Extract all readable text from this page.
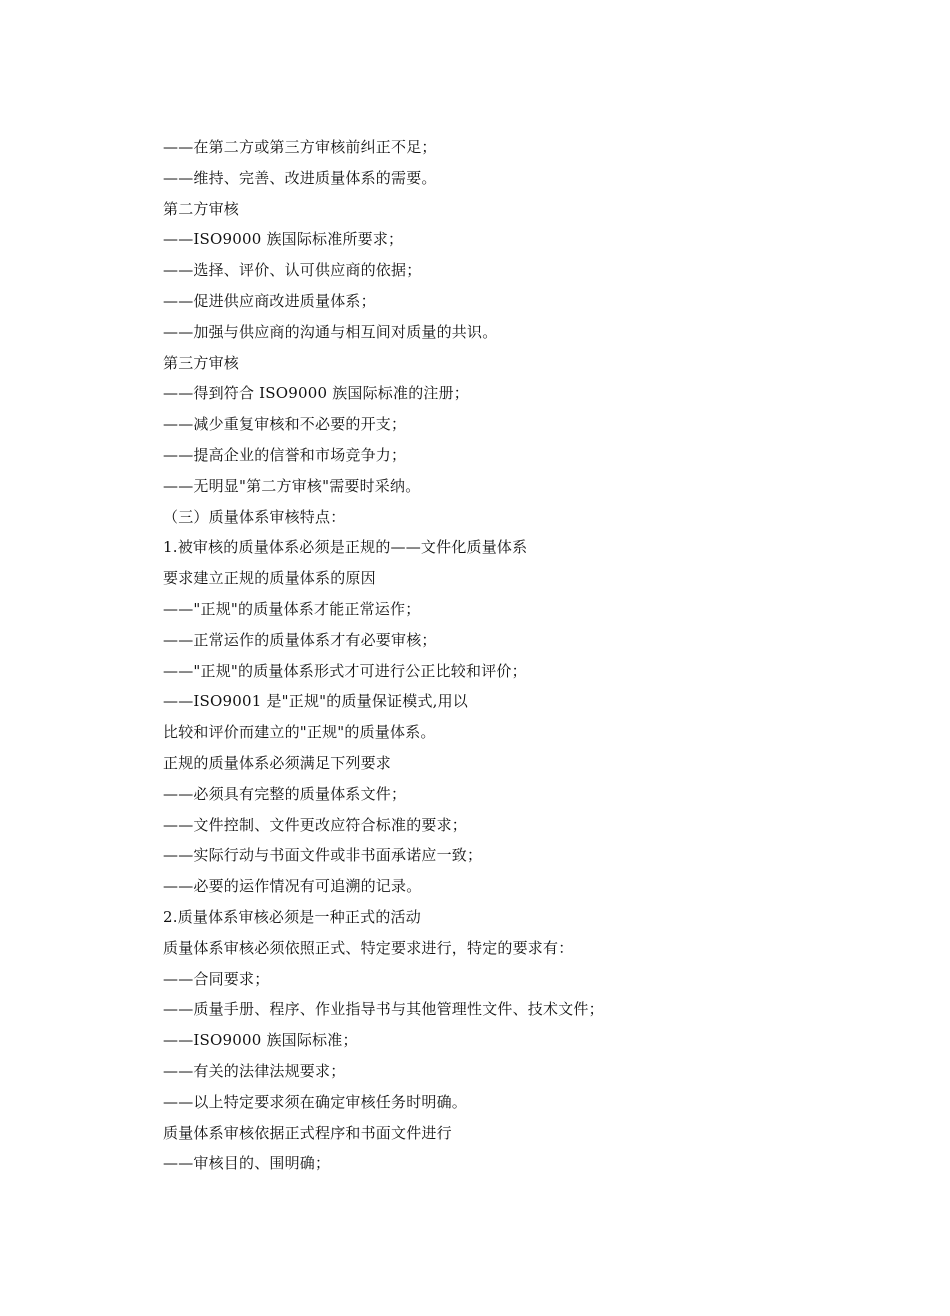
——在第二方或第三方审核前纠正不足；
——维持、完善、改进质量体系的需要。
第二方审核
——ISO9000 族国际标准所要求；
——选择、评价、认可供应商的依据；
——促进供应商改进质量体系；
——加强与供应商的沟通与相互间对质量的共识。
第三方审核
——得到符合 ISO9000 族国际标准的注册；
——减少重复审核和不必要的开支；
——提高企业的信誉和市场竞争力；
——无明显"第二方审核"需要时采纳。
（三）质量体系审核特点：
1.被审核的质量体系必须是正规的——文件化质量体系
要求建立正规的质量体系的原因
——"正规"的质量体系才能正常运作；
——正常运作的质量体系才有必要审核；
——"正规"的质量体系形式才可进行公正比较和评价；
——ISO9001 是"正规"的质量保证模式,用以
比较和评价而建立的"正规"的质量体系。
正规的质量体系必须满足下列要求
——必须具有完整的质量体系文件；
——文件控制、文件更改应符合标准的要求；
——实际行动与书面文件或非书面承诺应一致；
——必要的运作情况有可追溯的记录。
2.质量体系审核必须是一种正式的活动
质量体系审核必须依照正式、特定要求进行，特定的要求有：
——合同要求；
——质量手册、程序、作业指导书与其他管理性文件、技术文件；
——ISO9000 族国际标准；
——有关的法律法规要求；
——以上特定要求须在确定审核任务时明确。
质量体系审核依据正式程序和书面文件进行
——审核目的、围明确；
